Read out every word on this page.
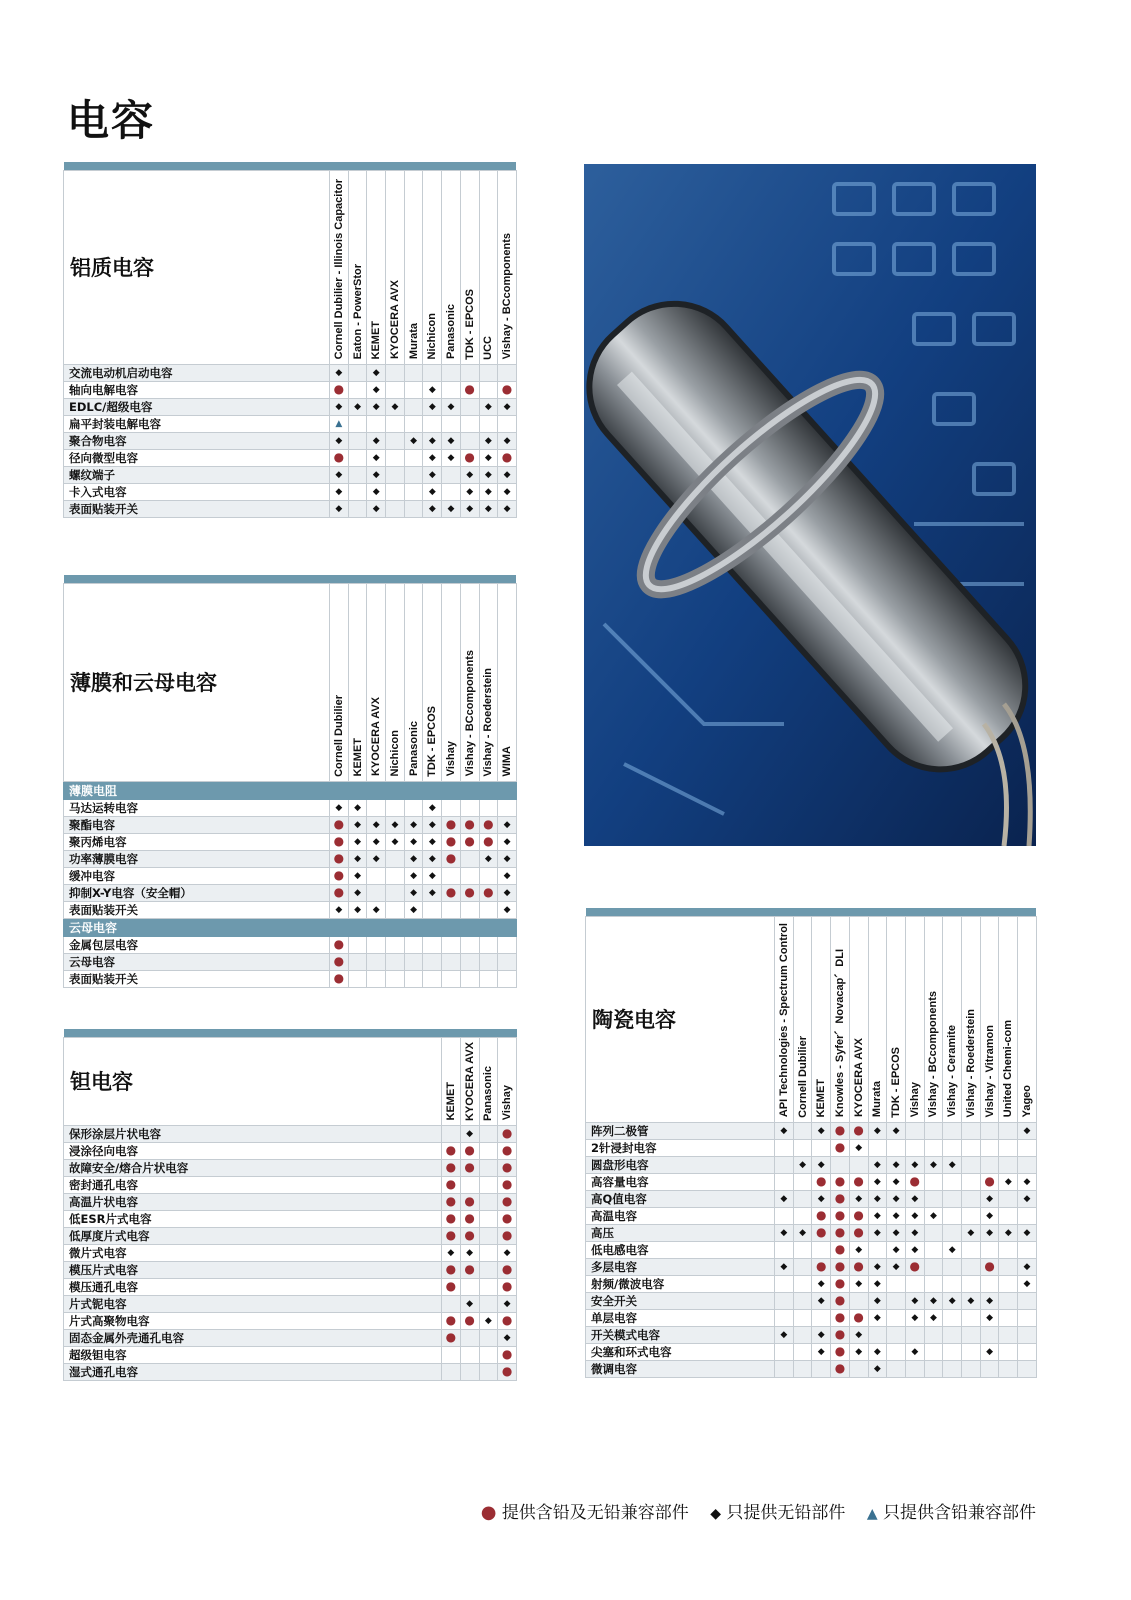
电容

铝质电容	Cornell Dubilier - Illinois Capacitor	Eaton - PowerStor	KEMET	KYOCERA AVX	Murata	Nichicon	Panasonic	TDK - EPCOS	UCC	Vishay - BCcomponents
交流电动机启动电容	◆		◆							
轴向电解电容	●		◆			◆		●		●
EDLC/超级电容	◆	◆	◆	◆		◆	◆		◆	◆
扁平封装电解电容	▲									
聚合物电容	◆		◆		◆	◆	◆		◆	◆
径向微型电容	●		◆			◆	◆	●	◆	●
螺纹端子	◆		◆			◆		◆	◆	◆
卡入式电容	◆		◆			◆		◆	◆	◆
表面贴装开关	◆		◆			◆	◆	◆	◆	◆

薄膜和云母电容	Cornell Dubilier	KEMET	KYOCERA AVX	Nichicon	Panasonic	TDK - EPCOS	Vishay	Vishay - BCcomponents	Vishay - Roederstein	WIMA
薄膜电阻										
马达运转电容	◆	◆				◆				
聚酯电容	●	◆	◆	◆	◆	◆	●	●	●	◆
聚丙烯电容	●	◆	◆	◆	◆	◆	●	●	●	◆
功率薄膜电容	●	◆	◆		◆	◆	●		◆	◆
缓冲电容	●	◆			◆	◆				◆
抑制X-Y电容（安全帽）	●	◆			◆	◆	●	●	●	◆
表面贴装开关	◆	◆	◆		◆					◆
云母电容										
金属包层电容	●									
云母电容	●									
表面贴装开关	●									

钽电容	KEMET	KYOCERA AVX	Panasonic	Vishay
保形涂层片状电容		◆		●
浸涂径向电容	●	●		●
故障安全/熔合片状电容	●	●		●
密封通孔电容	●			●
高温片状电容	●	●		●
低ESR片式电容	●	●		●
低厚度片式电容	●	●		●
微片式电容	◆	◆		◆
模压片式电容	●	●		●
模压通孔电容	●			●
片式铌电容		◆		◆
片式高聚物电容	●	●	◆	●
固态金属外壳通孔电容	●			◆
超级钽电容				●
湿式通孔电容				●

陶瓷电容	API Technologies - Spectrum Control	Cornell Dubilier	KEMET	Knowles - Syfer、Novacap、DLI	KYOCERA AVX	Murata	TDK - EPCOS	Vishay	Vishay - BCcomponents	Vishay - Ceramite	Vishay - Roederstein	Vishay - Vitramon	United Chemi-com	Yageo
阵列二极管	◆		◆	●	●	◆	◆							◆
2针浸封电容				●	◆									
圆盘形电容		◆	◆			◆	◆	◆	◆	◆				
高容量电容			●	●	●	◆	◆	●				●	◆	◆
高Q值电容	◆		◆	●	◆	◆	◆	◆				◆		◆
高温电容			●	●	●	◆	◆	◆	◆			◆		
高压	◆	◆	●	●	●	◆	◆	◆			◆	◆	◆	◆
低电感电容				●	◆		◆	◆		◆				
多层电容	◆		●	●	●	◆	◆	●				●		◆
射频/微波电容			◆	●	◆	◆								◆
安全开关			◆	●		◆		◆	◆	◆	◆	◆		
单层电容				●	●	◆		◆	◆			◆		
开关模式电容	◆		◆	●	◆									
尖塞和环式电容			◆	●	◆	◆		◆				◆		
微调电容				●		◆								
● 提供含铅及无铅兼容部件 ◆ 只提供无铅部件 ▲ 只提供含铅兼容部件
